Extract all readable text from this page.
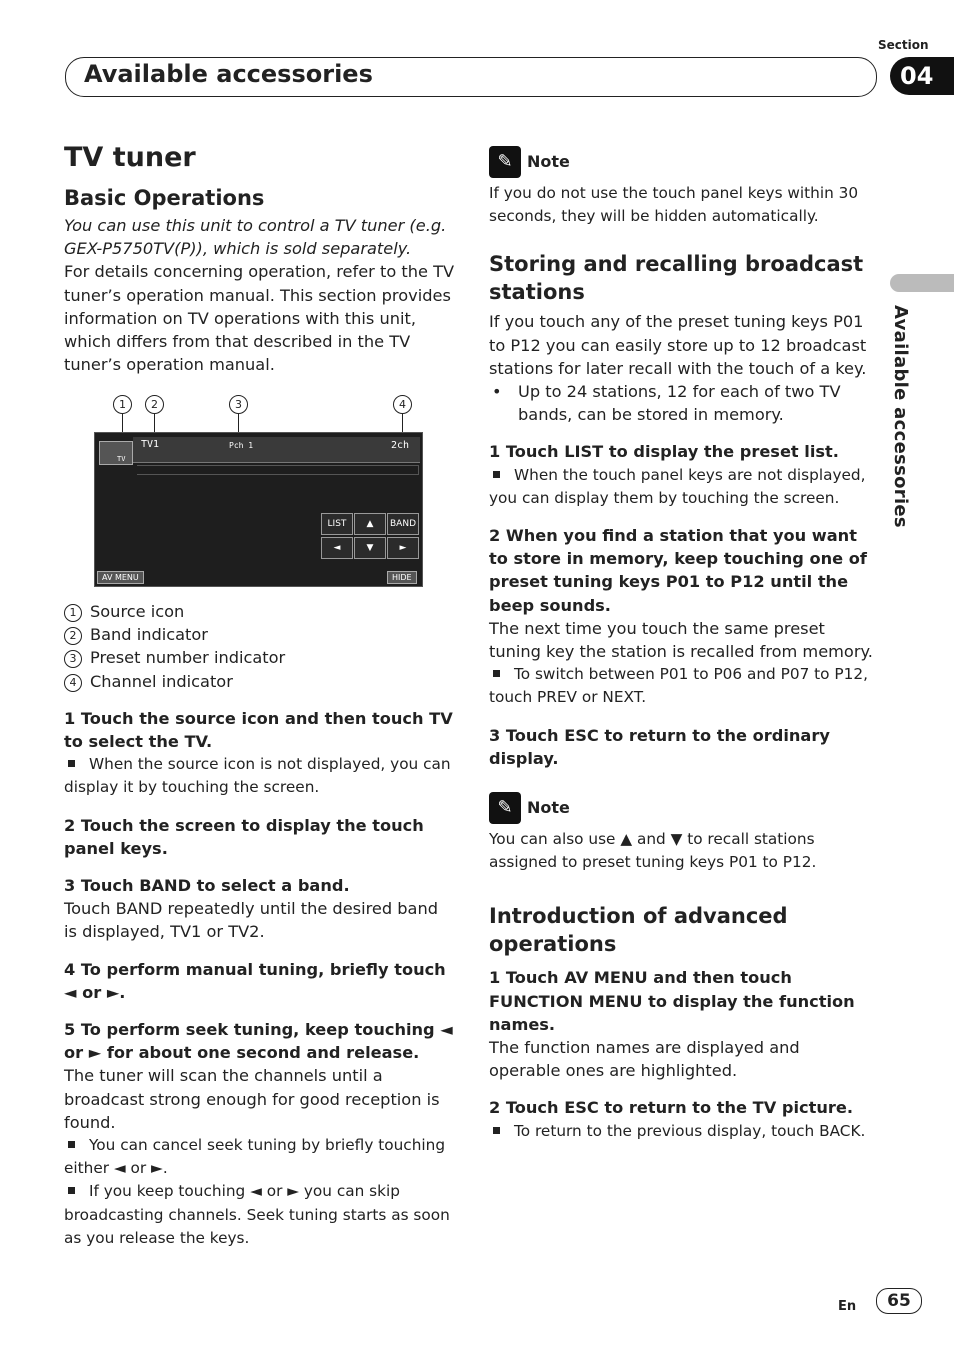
Section
Available accessories	04
Available accessories

TV tuner

Basic Operations

You can use this unit to control a TV tuner (e.g. GEX-P5750TV(P)), which is sold separately.

For details concerning operation, refer to the TV tuner’s operation manual. This section provides information on TV operations with this unit, which differs from that described in the TV tuner’s operation manual.

1	2	3	4
TV
TV1	Pch 1	2ch
LIST	▲	BAND
◄	▼	►
AV MENU	HIDE

1 Source icon

2 Band indicator

3 Preset number indicator

4 Channel indicator

1 Touch the source icon and then touch TV to select the TV.

When the source icon is not displayed, you can display it by touching the screen.

2 Touch the screen to display the touch panel keys.

3 Touch BAND to select a band.

Touch BAND repeatedly until the desired band is displayed, TV1 or TV2.

4 To perform manual tuning, briefly touch ◄ or ►.

5 To perform seek tuning, keep touching ◄ or ► for about one second and release.

The tuner will scan the channels until a broadcast strong enough for good reception is found.

You can cancel seek tuning by briefly touching either ◄ or ►.

If you keep touching ◄ or ► you can skip broadcasting channels. Seek tuning starts as soon as you release the keys.

✎ Note

If you do not use the touch panel keys within 30 seconds, they will be hidden automatically.

Storing and recalling broadcast stations

If you touch any of the preset tuning keys P01 to P12 you can easily store up to 12 broadcast stations for later recall with the touch of a key.

•	Up to 24 stations, 12 for each of two TV bands, can be stored in memory.

1 Touch LIST to display the preset list.

When the touch panel keys are not displayed, you can display them by touching the screen.

2 When you find a station that you want to store in memory, keep touching one of preset tuning keys P01 to P12 until the beep sounds.

The next time you touch the same preset tuning key the station is recalled from memory.

To switch between P01 to P06 and P07 to P12, touch PREV or NEXT.

3 Touch ESC to return to the ordinary display.

✎ Note

You can also use ▲ and ▼ to recall stations assigned to preset tuning keys P01 to P12.

Introduction of advanced operations

1 Touch AV MENU and then touch FUNCTION MENU to display the function names.

The function names are displayed and operable ones are highlighted.

2 Touch ESC to return to the TV picture.

To return to the previous display, touch BACK.

En	65
